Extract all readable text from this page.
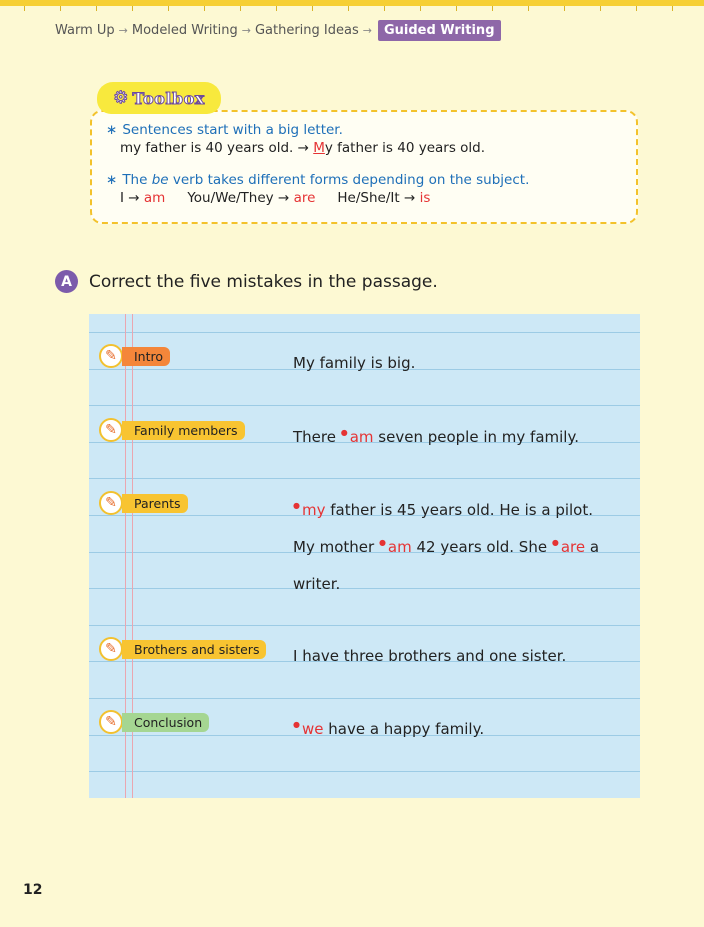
Warm Up → Modeled Writing → Gathering Ideas → Guided Writing
⚙ Toolbox
∗ Sentences start with a big letter.
my father is 40 years old. → My father is 40 years old.
∗ The be verb takes different forms depending on the subject.
I → am You/We/They → are He/She/It → is
A	Correct the five mistakes in the passage.
✎	Intro	My family is big.
✎	Family members	There ● am seven people in my family.
✎	Parents	● my father is 45 years old. He is a pilot.
My mother ● am 42 years old. She ● are a
writer.
✎	Brothers and sisters	I have three brothers and one sister.
✎	Conclusion	● we have a happy family.
12
